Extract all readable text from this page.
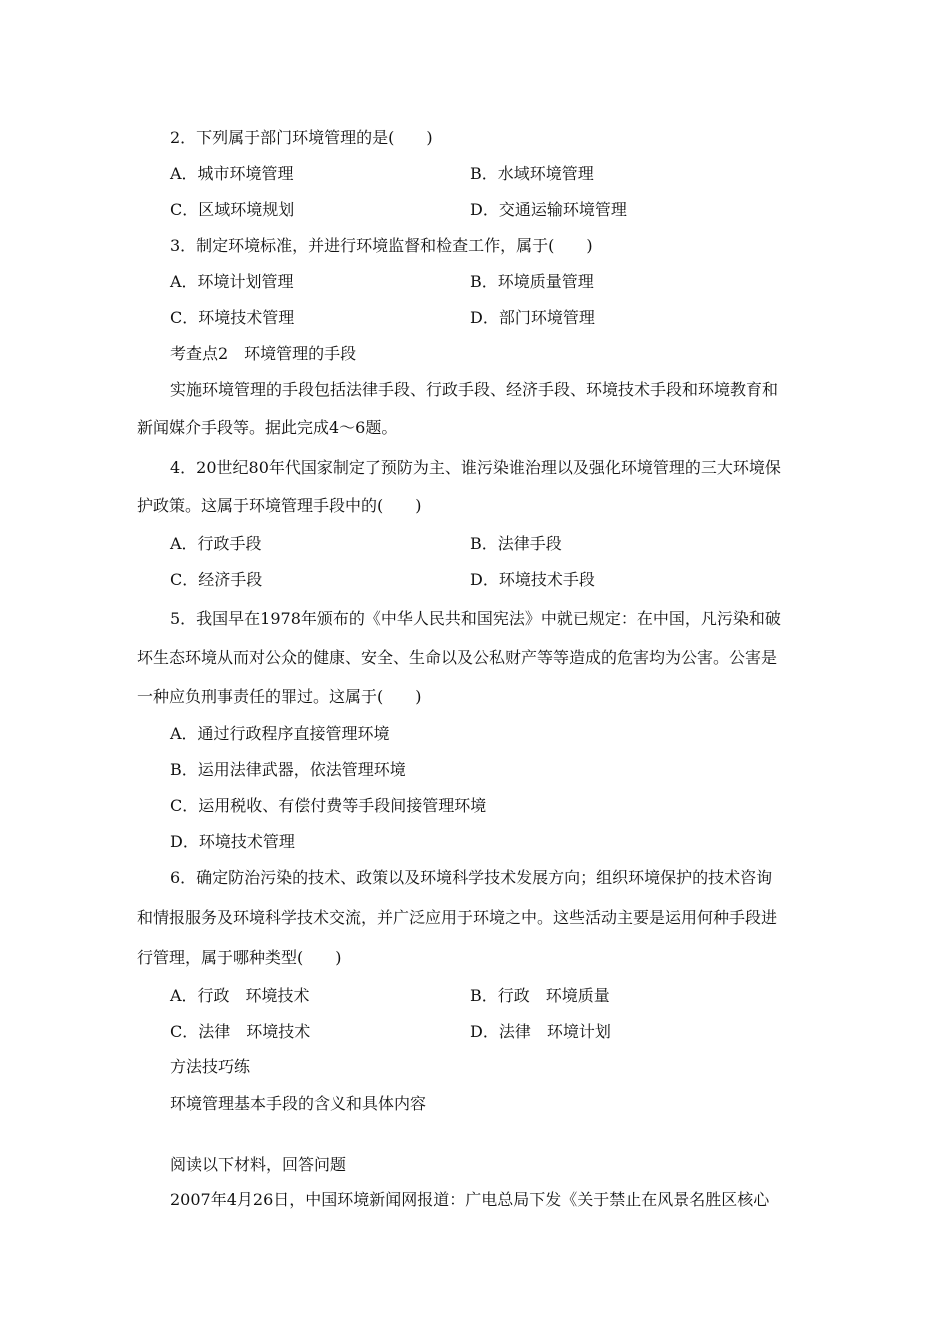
2．下列属于部门环境管理的是(　　)
A．城市环境管理	B．水域环境管理
C．区域环境规划	D．交通运输环境管理
3．制定环境标准，并进行环境监督和检查工作，属于(　　)
A．环境计划管理	B．环境质量管理
C．环境技术管理	D．部门环境管理
考查点2　环境管理的手段
实施环境管理的手段包括法律手段、行政手段、经济手段、环境技术手段和环境教育和
新闻媒介手段等。据此完成4～6题。
4．20世纪80年代国家制定了预防为主、谁污染谁治理以及强化环境管理的三大环境保
护政策。这属于环境管理手段中的(　　)
A．行政手段	B．法律手段
C．经济手段	D．环境技术手段
5．我国早在1978年颁布的《中华人民共和国宪法》中就已规定：在中国，凡污染和破
坏生态环境从而对公众的健康、安全、生命以及公私财产等等造成的危害均为公害。公害是
一种应负刑事责任的罪过。这属于(　　)
A．通过行政程序直接管理环境
B．运用法律武器，依法管理环境
C．运用税收、有偿付费等手段间接管理环境
D．环境技术管理
6．确定防治污染的技术、政策以及环境科学技术发展方向；组织环境保护的技术咨询
和情报服务及环境科学技术交流，并广泛应用于环境之中。这些活动主要是运用何种手段进
行管理，属于哪种类型(　　)
A．行政　环境技术	B．行政　环境质量
C．法律　环境技术	D．法律　环境计划
方法技巧练
环境管理基本手段的含义和具体内容
阅读以下材料，回答问题
2007年4月26日，中国环境新闻网报道：广电总局下发《关于禁止在风景名胜区核心
